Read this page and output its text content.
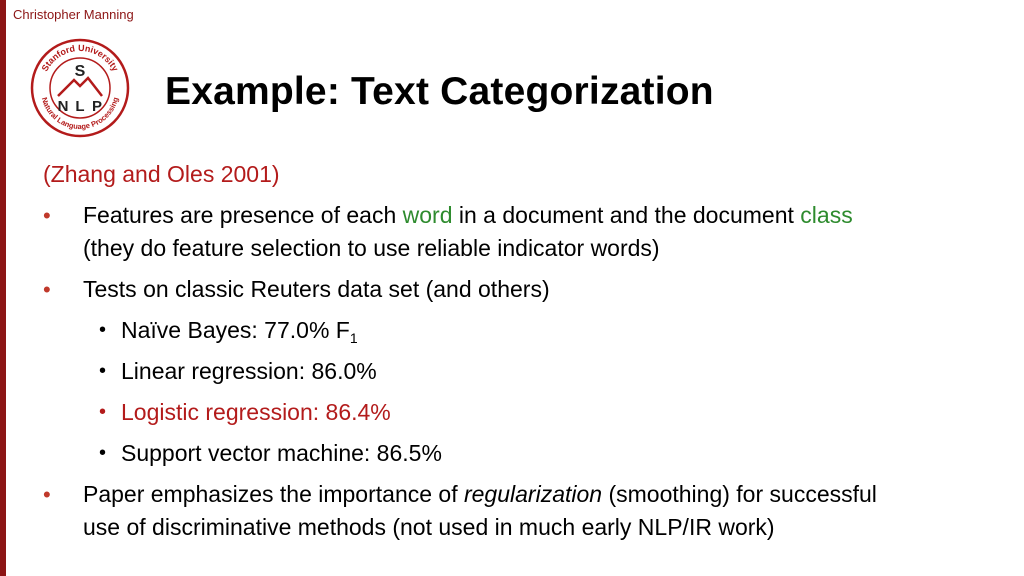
Christopher Manning
Stanford University
Natural Language Processing
S
N L P Example: Text Categorization
(Zhang and Oles 2001)
• Features are presence of each word in a document and the document class
(they do feature selection to use reliable indicator words)
• Tests on classic Reuters data set (and others)
• Naïve Bayes: 77.0% $F_1$
• Linear regression: 86.0%
• Logistic regression: 86.4%
• Support vector machine: 86.5%
• Paper emphasizes the importance of regularization (smoothing) for successful
use of discriminative methods (not used in much early NLP/IR work)
